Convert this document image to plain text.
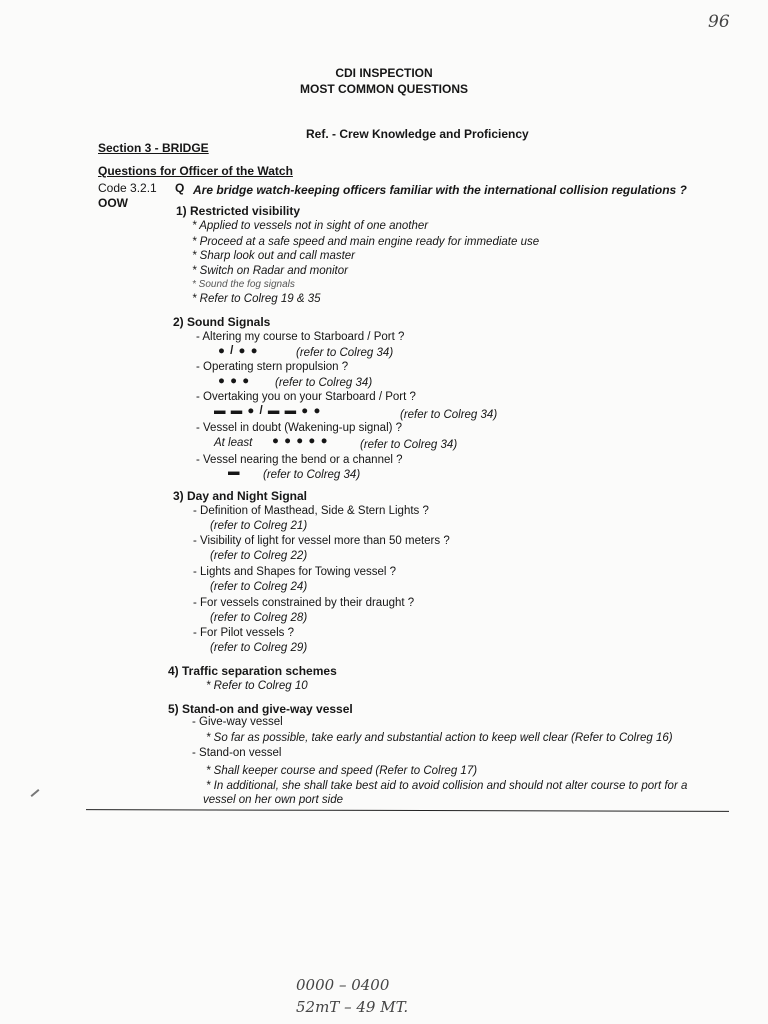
96
CDI INSPECTION
MOST COMMON QUESTIONS
Ref. - Crew Knowledge and Proficiency
Section 3 - BRIDGE
Questions for Officer of the Watch
Code 3.2.1
OOW
Q Are bridge watch-keeping officers familiar with the international collision regulations ?
1) Restricted visibility
* Applied to vessels not in sight of one another
* Proceed at a safe speed and main engine ready for immediate use
* Sharp look out and call master
* Switch on Radar and monitor
* Sound the fog signals
* Refer to Colreg 19 & 35
2) Sound Signals
- Altering my course to Starboard / Port ?
● / ● ●	(refer to Colreg 34)
- Operating stern propulsion ?
● ● ● (refer to Colreg 34)
- Overtaking you on your Starboard / Port ?
▬ ▬ ● / ▬ ▬ ● ●	(refer to Colreg 34)
- Vessel in doubt (Wakening-up signal) ?
At least ● ● ● ● ●	(refer to Colreg 34)
- Vessel nearing the bend or a channel ?
▬ (refer to Colreg 34)
3) Day and Night Signal
- Definition of Masthead, Side & Stern Lights ?
(refer to Colreg 21)
- Visibility of light for vessel more than 50 meters ?
(refer to Colreg 22)
- Lights and Shapes for Towing vessel ?
(refer to Colreg 24)
- For vessels constrained by their draught ?
(refer to Colreg 28)
- For Pilot vessels ?
(refer to Colreg 29)
4) Traffic separation schemes
* Refer to Colreg 10
5) Stand-on and give-way vessel
- Give-way vessel
* So far as possible, take early and substantial action to keep well clear (Refer to Colreg 16)
- Stand-on vessel
* Shall keeper course and speed (Refer to Colreg 17)
* In additional, she shall take best aid to avoid collision and should not alter course to port for a
vessel on her own port side
0000 – 0400
52mT – 49 MT.
